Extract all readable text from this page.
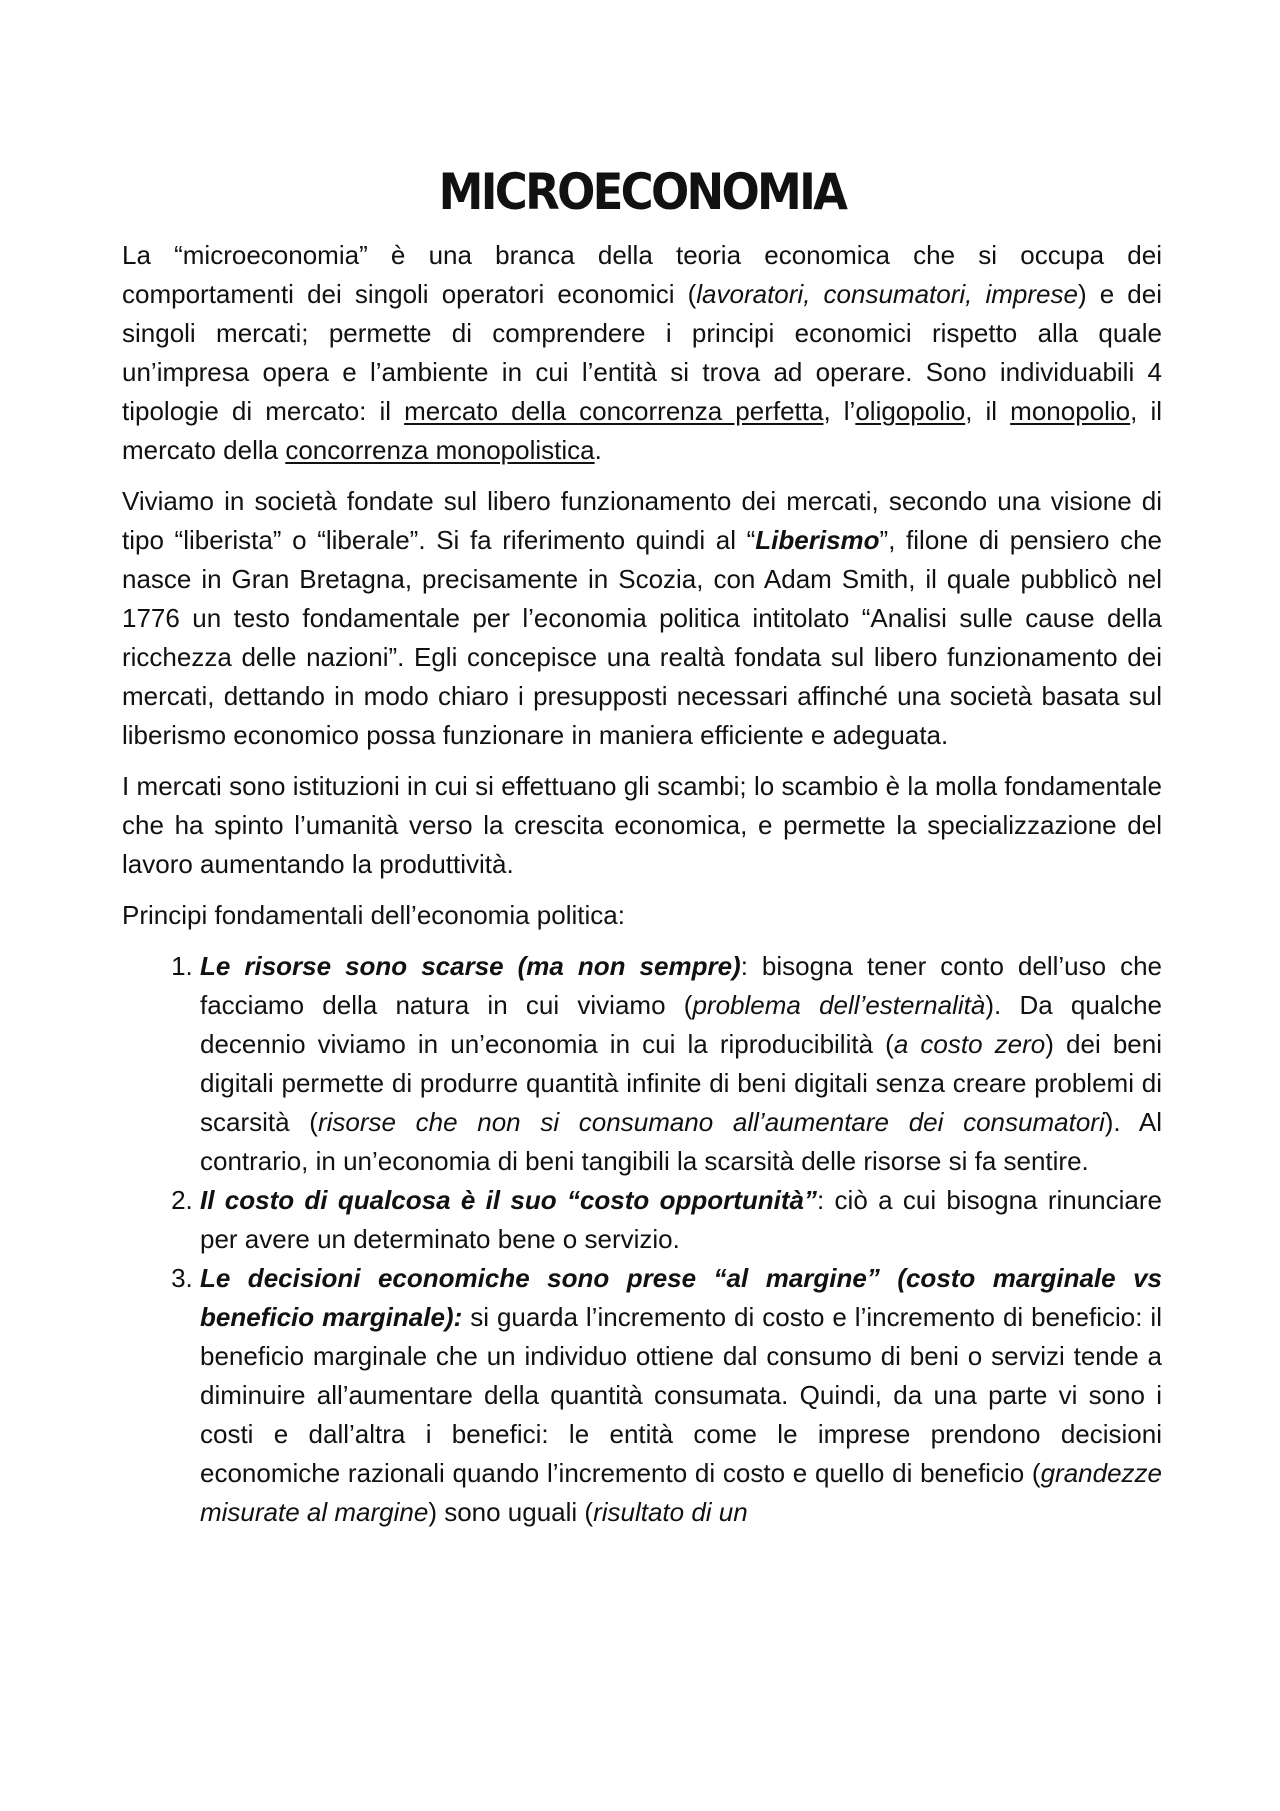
MICROECONOMIA

La “microeconomia” è una branca della teoria economica che si occupa dei comportamenti dei singoli operatori economici (lavoratori, consumatori, imprese) e dei singoli mercati; permette di comprendere i principi economici rispetto alla quale un’impresa opera e l’ambiente in cui l’entità si trova ad operare. Sono individuabili 4 tipologie di mercato: il mercato della concorrenza perfetta, l’oligopolio, il monopolio, il mercato della concorrenza monopolistica.

Viviamo in società fondate sul libero funzionamento dei mercati, secondo una visione di tipo “liberista” o “liberale”. Si fa riferimento quindi al “Liberismo”, filone di pensiero che nasce in Gran Bretagna, precisamente in Scozia, con Adam Smith, il quale pubblicò nel 1776 un testo fondamentale per l’economia politica intitolato “Analisi sulle cause della ricchezza delle nazioni”. Egli concepisce una realtà fondata sul libero funzionamento dei mercati, dettando in modo chiaro i presupposti necessari affinché una società basata sul liberismo economico possa funzionare in maniera efficiente e adeguata.

I mercati sono istituzioni in cui si effettuano gli scambi; lo scambio è la molla fondamentale che ha spinto l’umanità verso la crescita economica, e permette la specializzazione del lavoro aumentando la produttività.

Principi fondamentali dell’economia politica:

1. Le risorse sono scarse (ma non sempre): bisogna tener conto dell’uso che facciamo della natura in cui viviamo (problema dell’esternalità). Da qualche decennio viviamo in un’economia in cui la riproducibilità (a costo zero) dei beni digitali permette di produrre quantità infinite di beni digitali senza creare problemi di scarsità (risorse che non si consumano all’aumentare dei consumatori). Al contrario, in un’economia di beni tangibili la scarsità delle risorse si fa sentire.
2. Il costo di qualcosa è il suo “costo opportunità”: ciò a cui bisogna rinunciare per avere un determinato bene o servizio.
3. Le decisioni economiche sono prese “al margine” (costo marginale vs beneficio marginale): si guarda l’incremento di costo e l’incremento di beneficio: il beneficio marginale che un individuo ottiene dal consumo di beni o servizi tende a diminuire all’aumentare della quantità consumata. Quindi, da una parte vi sono i costi e dall’altra i benefici: le entità come le imprese prendono decisioni economiche razionali quando l’incremento di costo e quello di beneficio (grandezze misurate al margine) sono uguali (risultato di un
